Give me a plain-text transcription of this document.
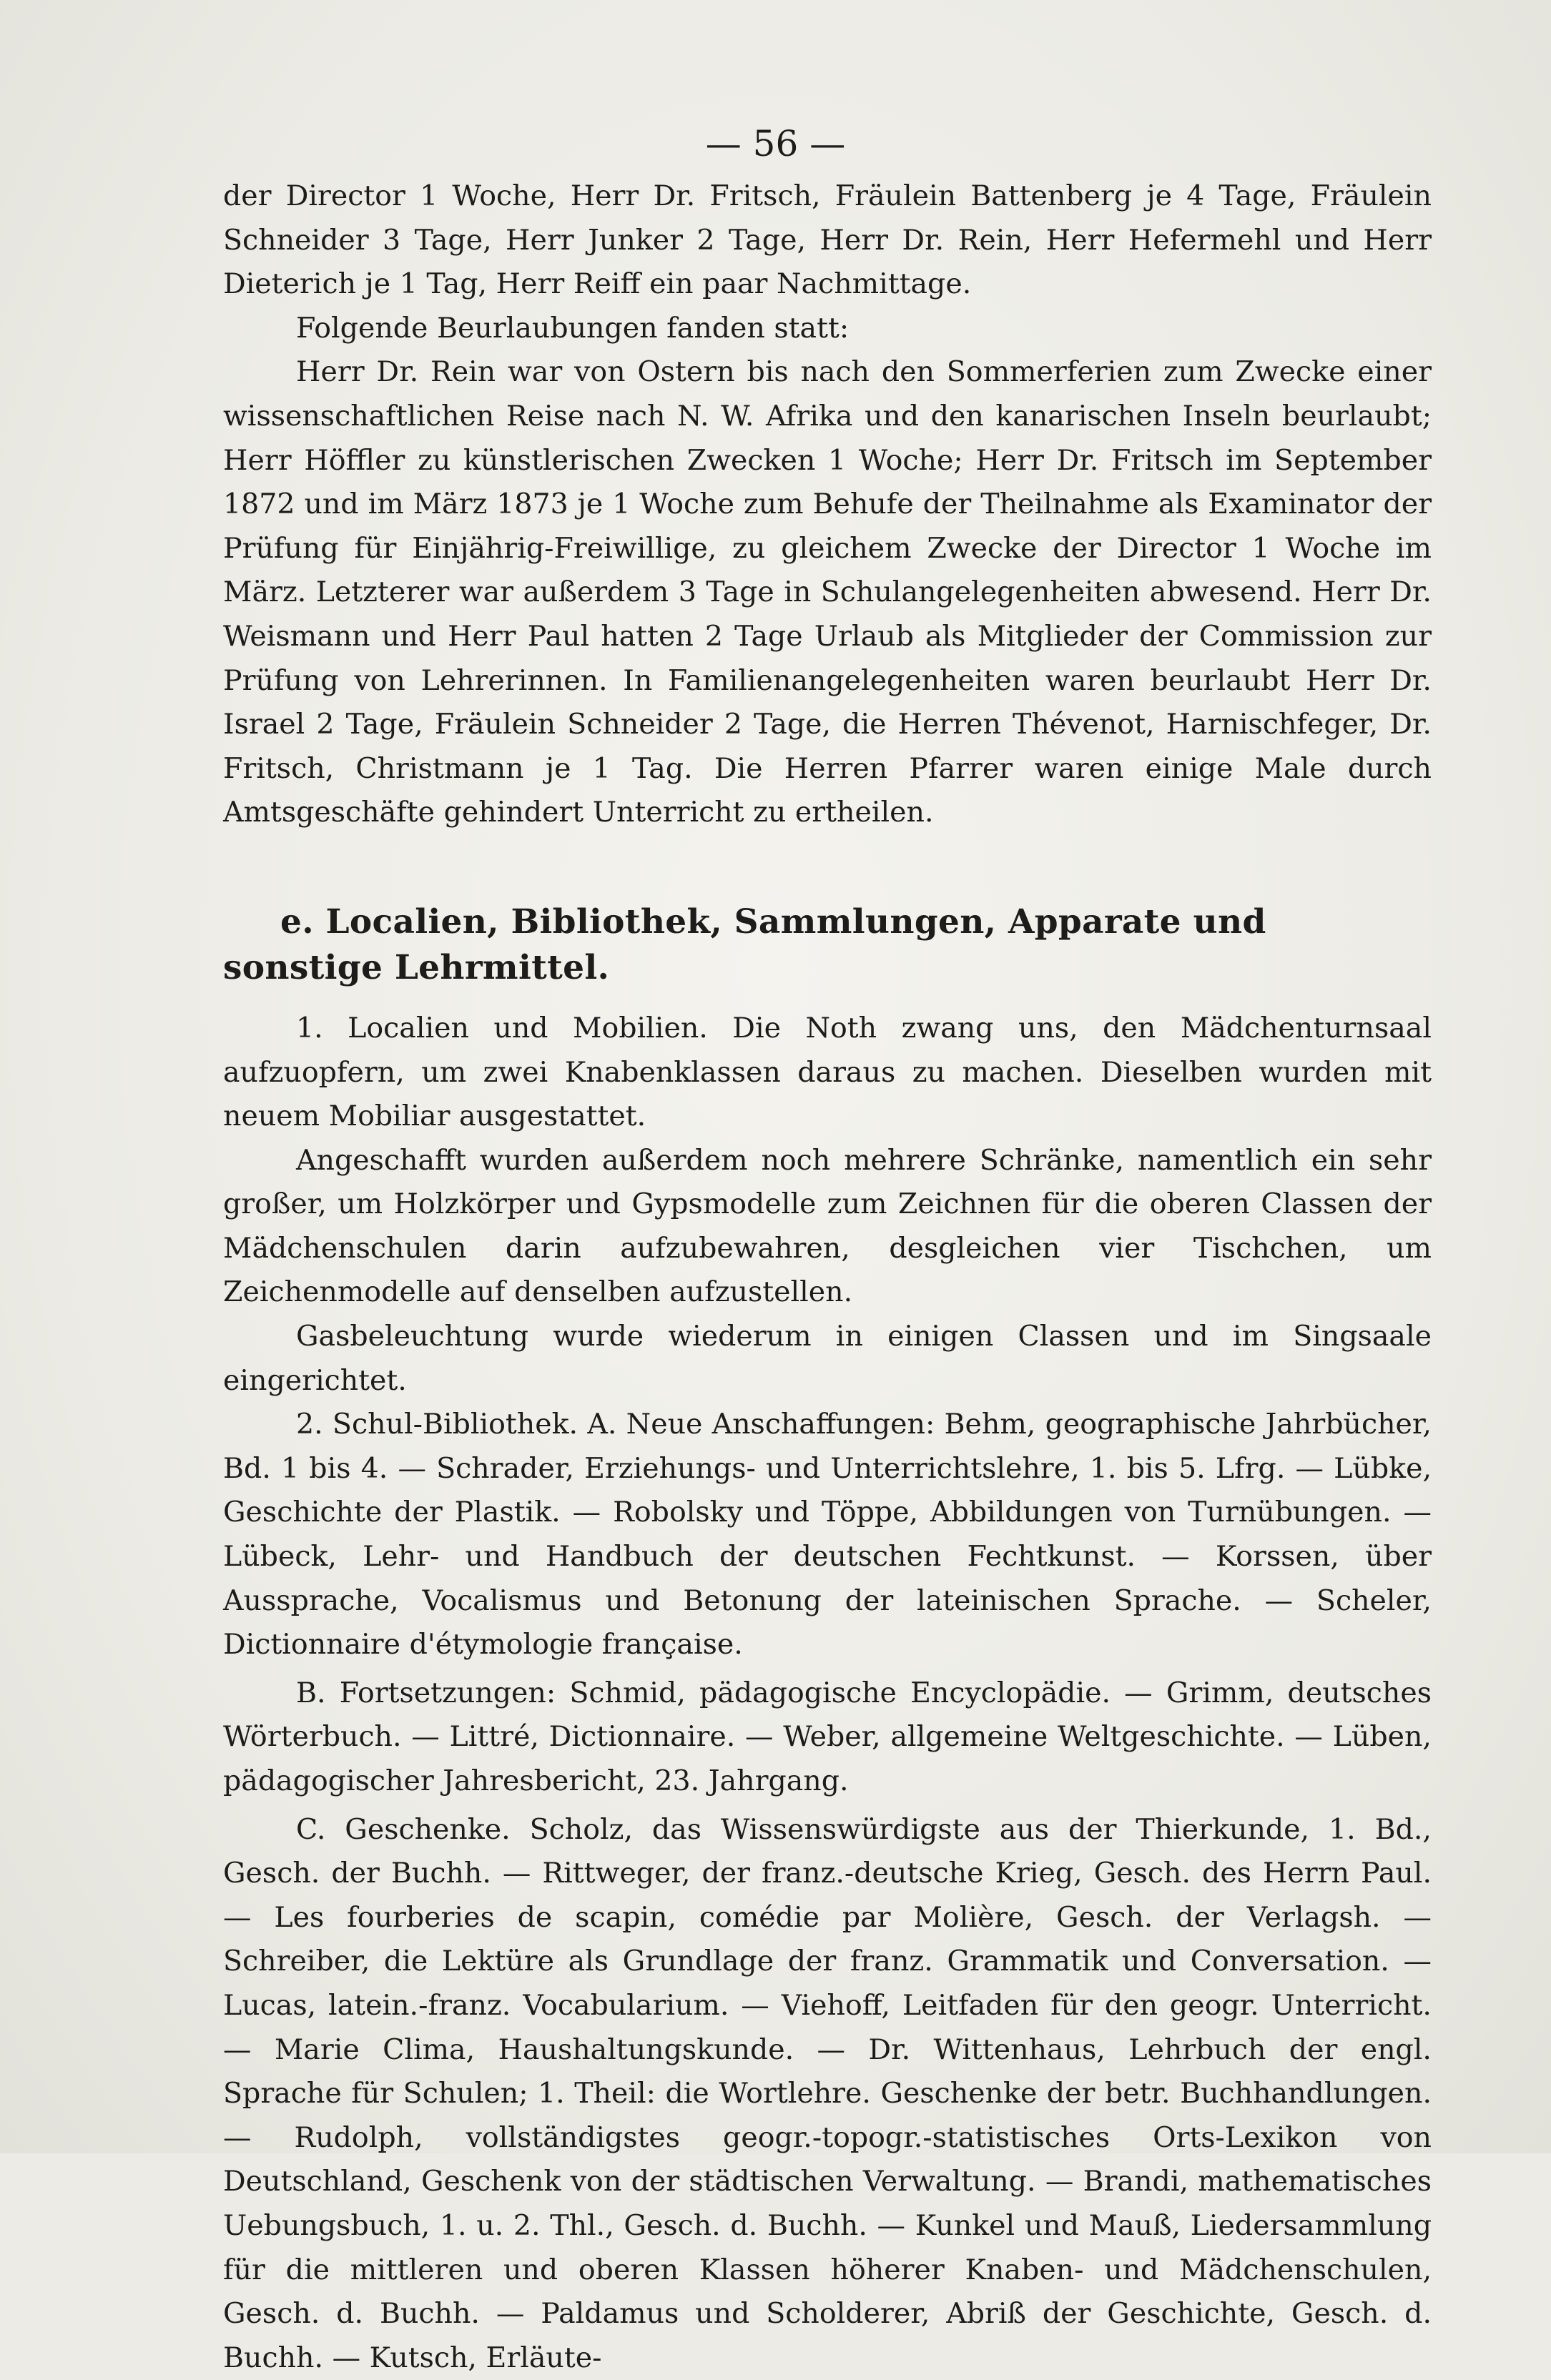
— 56 —

der Director 1 Woche, Herr Dr. Fritsch, Fräulein Battenberg je 4 Tage, Fräulein Schneider 3 Tage, Herr Junker 2 Tage, Herr Dr. Rein, Herr Hefermehl und Herr Dieterich je 1 Tag, Herr Reiff ein paar Nachmittage.

Folgende Beurlaubungen fanden statt:

Herr Dr. Rein war von Ostern bis nach den Sommerferien zum Zwecke einer wissenschaftlichen Reise nach N. W. Afrika und den kanarischen Inseln beurlaubt; Herr Höffler zu künstlerischen Zwecken 1 Woche; Herr Dr. Fritsch im September 1872 und im März 1873 je 1 Woche zum Behufe der Theilnahme als Examinator der Prüfung für Einjährig-Freiwillige, zu gleichem Zwecke der Director 1 Woche im März. Letzterer war außerdem 3 Tage in Schulangelegenheiten abwesend. Herr Dr. Weismann und Herr Paul hatten 2 Tage Urlaub als Mitglieder der Commission zur Prüfung von Lehrerinnen. In Familienangelegenheiten waren beurlaubt Herr Dr. Israel 2 Tage, Fräulein Schneider 2 Tage, die Herren Thévenot, Harnischfeger, Dr. Fritsch, Christmann je 1 Tag. Die Herren Pfarrer waren einige Male durch Amtsgeschäfte gehindert Unterricht zu ertheilen.

e. Localien, Bibliothek, Sammlungen, Apparate und sonstige Lehrmittel.

1. Localien und Mobilien. Die Noth zwang uns, den Mädchenturnsaal aufzuopfern, um zwei Knabenklassen daraus zu machen. Dieselben wurden mit neuem Mobiliar ausgestattet.

Angeschafft wurden außerdem noch mehrere Schränke, namentlich ein sehr großer, um Holzkörper und Gypsmodelle zum Zeichnen für die oberen Classen der Mädchenschulen darin aufzubewahren, desgleichen vier Tischchen, um Zeichenmodelle auf denselben aufzustellen.

Gasbeleuchtung wurde wiederum in einigen Classen und im Singsaale eingerichtet.

2. Schul-Bibliothek. A. Neue Anschaffungen: Behm, geographische Jahrbücher, Bd. 1 bis 4. — Schrader, Erziehungs- und Unterrichtslehre, 1. bis 5. Lfrg. — Lübke, Geschichte der Plastik. — Robolsky und Töppe, Abbildungen von Turnübungen. — Lübeck, Lehr- und Handbuch der deutschen Fechtkunst. — Korssen, über Aussprache, Vocalismus und Betonung der lateinischen Sprache. — Scheler, Dictionnaire d'étymologie française.

B. Fortsetzungen: Schmid, pädagogische Encyclopädie. — Grimm, deutsches Wörterbuch. — Littré, Dictionnaire. — Weber, allgemeine Weltgeschichte. — Lüben, pädagogischer Jahresbericht, 23. Jahrgang.

C. Geschenke. Scholz, das Wissenswürdigste aus der Thierkunde, 1. Bd., Gesch. der Buchh. — Rittweger, der franz.-deutsche Krieg, Gesch. des Herrn Paul. — Les fourberies de scapin, comédie par Molière, Gesch. der Verlagsh. — Schreiber, die Lektüre als Grundlage der franz. Grammatik und Conversation. — Lucas, latein.-franz. Vocabularium. — Viehoff, Leitfaden für den geogr. Unterricht. — Marie Clima, Haushaltungskunde. — Dr. Wittenhaus, Lehrbuch der engl. Sprache für Schulen; 1. Theil: die Wortlehre. Geschenke der betr. Buchhandlungen. — Rudolph, vollständigstes geogr.-topogr.-statistisches Orts-Lexikon von Deutschland, Geschenk von der städtischen Verwaltung. — Brandi, mathematisches Uebungsbuch, 1. u. 2. Thl., Gesch. d. Buchh. — Kunkel und Mauß, Liedersammlung für die mittleren und oberen Klassen höherer Knaben- und Mädchenschulen, Gesch. d. Buchh. — Paldamus und Scholderer, Abriß der Geschichte, Gesch. d. Buchh. — Kutsch, Erläute-
